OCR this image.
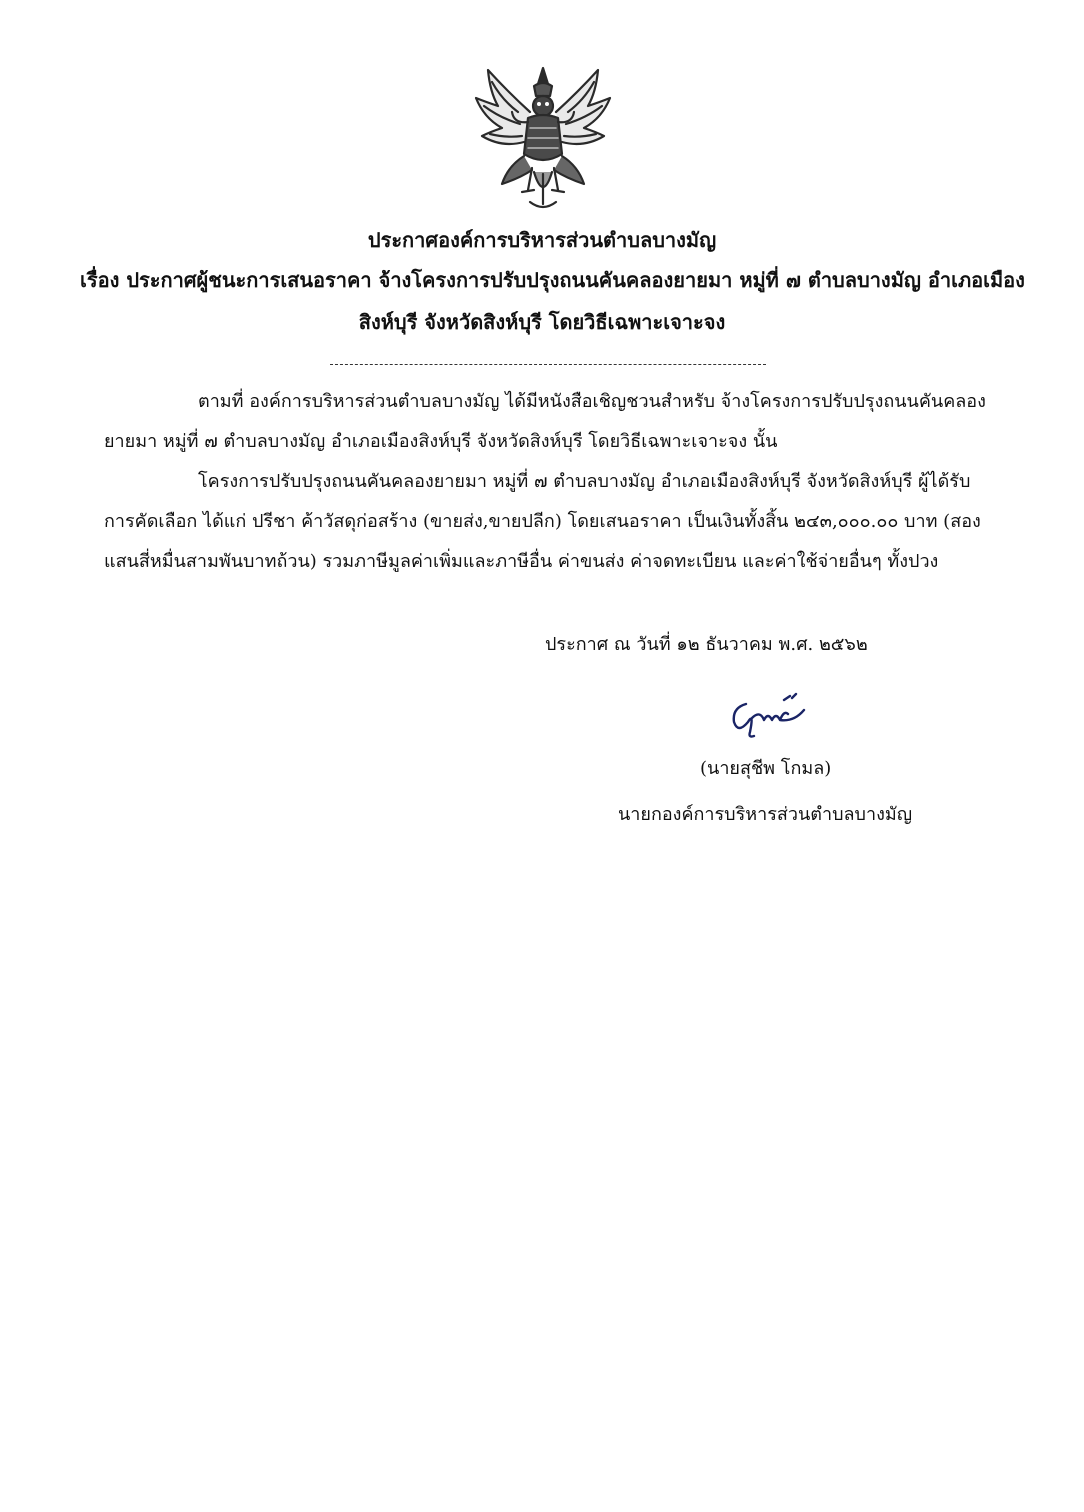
ประกาศองค์การบริหารส่วนตำบลบางมัญ
เรื่อง ประกาศผู้ชนะการเสนอราคา จ้างโครงการปรับปรุงถนนคันคลองยายมา หมู่ที่ ๗ ตำบลบางมัญ อำเภอเมือง
สิงห์บุรี จังหวัดสิงห์บุรี โดยวิธีเฉพาะเจาะจง
ตามที่ องค์การบริหารส่วนตำบลบางมัญ ได้มีหนังสือเชิญชวนสำหรับ จ้างโครงการปรับปรุงถนนคันคลอง
ยายมา หมู่ที่ ๗ ตำบลบางมัญ อำเภอเมืองสิงห์บุรี จังหวัดสิงห์บุรี โดยวิธีเฉพาะเจาะจง นั้น
โครงการปรับปรุงถนนคันคลองยายมา หมู่ที่ ๗ ตำบลบางมัญ อำเภอเมืองสิงห์บุรี จังหวัดสิงห์บุรี ผู้ได้รับ
การคัดเลือก ได้แก่ ปรีชา ค้าวัสดุก่อสร้าง (ขายส่ง,ขายปลีก) โดยเสนอราคา เป็นเงินทั้งสิ้น ๒๔๓,๐๐๐.๐๐ บาท (สอง
แสนสี่หมื่นสามพันบาทถ้วน) รวมภาษีมูลค่าเพิ่มและภาษีอื่น ค่าขนส่ง ค่าจดทะเบียน และค่าใช้จ่ายอื่นๆ ทั้งปวง
ประกาศ ณ วันที่ ๑๒ ธันวาคม พ.ศ. ๒๕๖๒
(นายสุชีพ โกมล)
นายกองค์การบริหารส่วนตำบลบางมัญ
